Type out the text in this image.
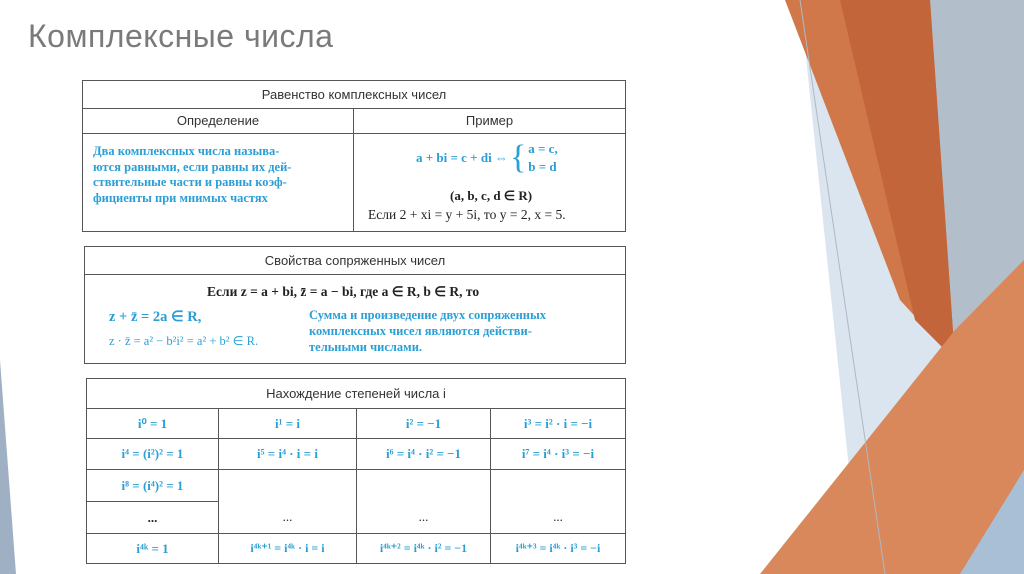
Комплексные числа
Равенство комплексных чисел
Определение	Пример
Два комплексных числа называ-
ются равными, если равны их дей-
ствительные части и равны коэф-
фициенты при мнимых частях
a + bi = c + di ⇔ { a = c,
b = d
(a, b, c, d ∈ R)
Если 2 + xi = y + 5i, то y = 2, x = 5.
Свойства сопряженных чисел
Если z = a + bi, z̄ = a − bi, где a ∈ R, b ∈ R, то
z + z̄ = 2a ∈ R,
z · z̄ = a² − b²i² = a² + b² ∈ R.
Сумма и произведение двух сопряженных
комплексных чисел являются действи-
тельными числами.
Нахождение степеней числа i
i⁰ = 1	i¹ = i	i² = −1	i³ = i² · i = −i
i⁴ = (i²)² = 1	i⁵ = i⁴ · i = i	i⁶ = i⁴ · i² = −1	i⁷ = i⁴ · i³ = −i
i⁸ = (i⁴)² = 1
...	...	...	...
i⁴ᵏ = 1	i⁴ᵏ⁺¹ = i⁴ᵏ · i = i	i⁴ᵏ⁺² = i⁴ᵏ · i² = −1	i⁴ᵏ⁺³ = i⁴ᵏ · i³ = −i
